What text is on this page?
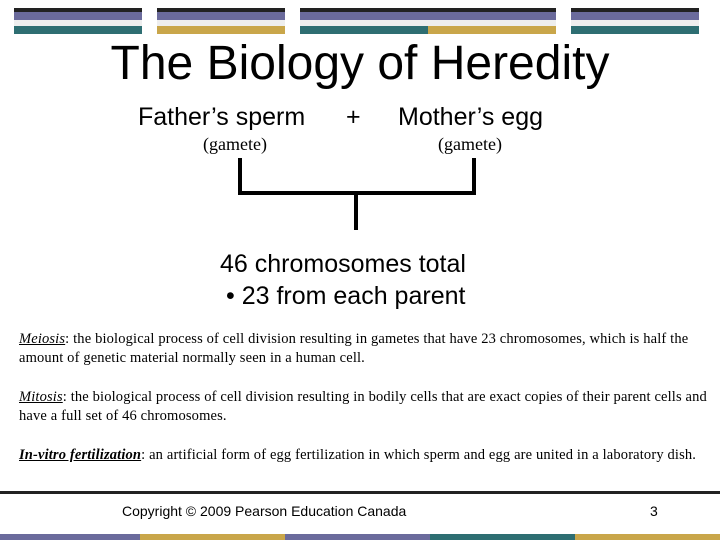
The Biology of Heredity
Father’s sperm + Mother’s egg
(gamete)	(gamete)
46 chromosomes total
• 23 from each parent
Meiosis: the biological process of cell division resulting in gametes that have 23 chromosomes, which is half the amount of genetic material normally seen in a human cell.
Mitosis: the biological process of cell division resulting in bodily cells that are exact copies of their parent cells and have a full set of 46 chromosomes.
In-vitro fertilization: an artificial form of egg fertilization in which sperm and egg are united in a laboratory dish.
Copyright © 2009 Pearson Education Canada	3
